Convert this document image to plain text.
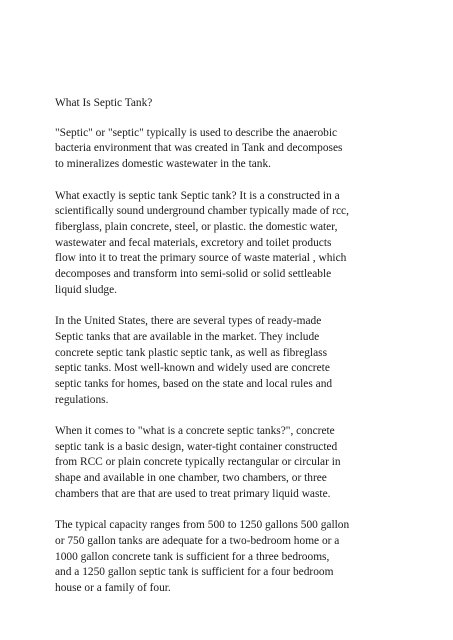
What Is Septic Tank?
"Septic" or "septic" typically is used to describe the anaerobic
bacteria environment that was created in Tank and decomposes
to mineralizes domestic wastewater in the tank.
What exactly is septic tank Septic tank? It is a constructed in a
scientifically sound underground chamber typically made of rcc,
fiberglass, plain concrete, steel, or plastic. the domestic water,
wastewater and fecal materials, excretory and toilet products
flow into it to treat the primary source of waste material , which
decomposes and transform into semi-solid or solid settleable
liquid sludge.
In the United States, there are several types of ready-made
Septic tanks that are available in the market. They include
concrete septic tank plastic septic tank, as well as fibreglass
septic tanks. Most well-known and widely used are concrete
septic tanks for homes, based on the state and local rules and
regulations.
When it comes to "what is a concrete septic tanks?", concrete
septic tank is a basic design, water-tight container constructed
from RCC or plain concrete typically rectangular or circular in
shape and available in one chamber, two chambers, or three
chambers that are that are used to treat primary liquid waste.
The typical capacity ranges from 500 to 1250 gallons 500 gallon
or 750 gallon tanks are adequate for a two-bedroom home or a
1000 gallon concrete tank is sufficient for a three bedrooms,
and a 1250 gallon septic tank is sufficient for a four bedroom
house or a family of four.
